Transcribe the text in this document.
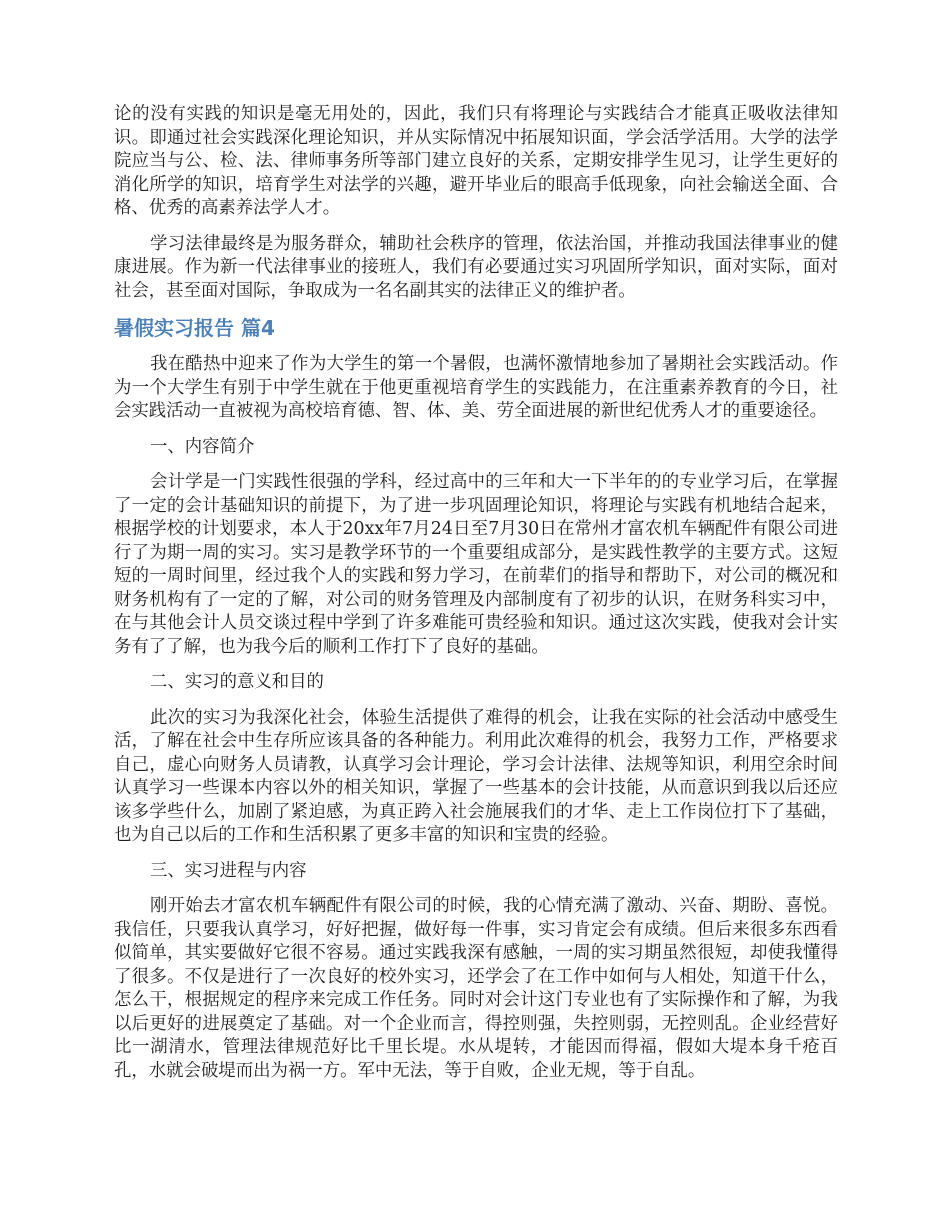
论的没有实践的知识是毫无用处的，因此，我们只有将理论与实践结合才能真正吸收法律知识。即通过社会实践深化理论知识，并从实际情况中拓展知识面，学会活学活用。大学的法学院应当与公、检、法、律师事务所等部门建立良好的关系，定期安排学生见习，让学生更好的消化所学的知识，培育学生对法学的兴趣，避开毕业后的眼高手低现象，向社会输送全面、合格、优秀的高素养法学人才。

学习法律最终是为服务群众，辅助社会秩序的管理，依法治国，并推动我国法律事业的健康进展。作为新一代法律事业的接班人，我们有必要通过实习巩固所学知识，面对实际，面对社会，甚至面对国际，争取成为一名名副其实的法律正义的维护者。

暑假实习报告 篇4

我在酷热中迎来了作为大学生的第一个暑假，也满怀激情地参加了暑期社会实践活动。作为一个大学生有别于中学生就在于他更重视培育学生的实践能力，在注重素养教育的今日，社会实践活动一直被视为高校培育德、智、体、美、劳全面进展的新世纪优秀人才的重要途径。

一、内容简介

会计学是一门实践性很强的学科，经过高中的三年和大一下半年的的专业学习后，在掌握了一定的会计基础知识的前提下，为了进一步巩固理论知识，将理论与实践有机地结合起来，根据学校的计划要求，本人于20xx年7月24日至7月30日在常州才富农机车辆配件有限公司进行了为期一周的实习。实习是教学环节的一个重要组成部分，是实践性教学的主要方式。这短短的一周时间里，经过我个人的实践和努力学习，在前辈们的指导和帮助下，对公司的概况和财务机构有了一定的了解，对公司的财务管理及内部制度有了初步的认识，在财务科实习中，在与其他会计人员交谈过程中学到了许多难能可贵经验和知识。通过这次实践，使我对会计实务有了了解，也为我今后的顺利工作打下了良好的基础。

二、实习的意义和目的

此次的实习为我深化社会，体验生活提供了难得的机会，让我在实际的社会活动中感受生活，了解在社会中生存所应该具备的各种能力。利用此次难得的机会，我努力工作，严格要求自己，虚心向财务人员请教，认真学习会计理论，学习会计法律、法规等知识，利用空余时间认真学习一些课本内容以外的相关知识，掌握了一些基本的会计技能，从而意识到我以后还应该多学些什么，加剧了紧迫感，为真正跨入社会施展我们的才华、走上工作岗位打下了基础，也为自己以后的工作和生活积累了更多丰富的知识和宝贵的经验。

三、实习进程与内容

刚开始去才富农机车辆配件有限公司的时候，我的心情充满了激动、兴奋、期盼、喜悦。我信任，只要我认真学习，好好把握，做好每一件事，实习肯定会有成绩。但后来很多东西看似简单，其实要做好它很不容易。通过实践我深有感触，一周的实习期虽然很短，却使我懂得了很多。不仅是进行了一次良好的校外实习，还学会了在工作中如何与人相处，知道干什么，怎么干，根据规定的程序来完成工作任务。同时对会计这门专业也有了实际操作和了解，为我以后更好的进展奠定了基础。对一个企业而言，得控则强，失控则弱，无控则乱。企业经营好比一湖清水，管理法律规范好比千里长堤。水从堤转，才能因而得福，假如大堤本身千疮百孔，水就会破堤而出为祸一方。军中无法，等于自败，企业无规，等于自乱。
